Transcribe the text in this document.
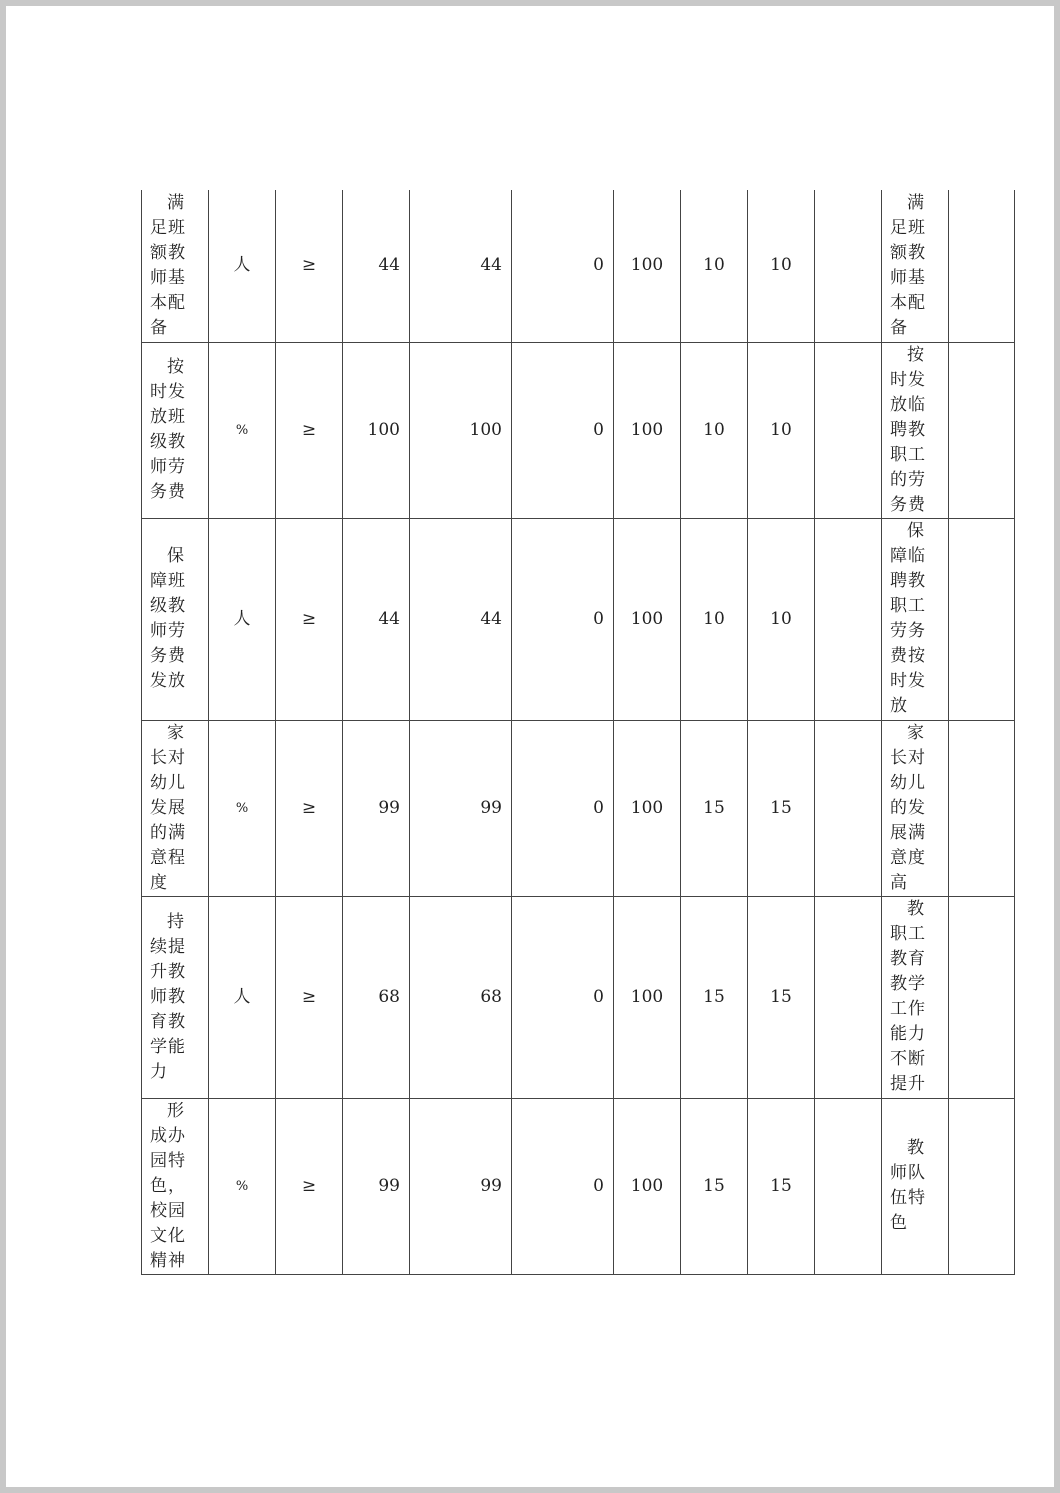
满足班额教师基本配备	人	≥	44	44	0	100	10	10		满足班额教师基本配备	
按时发放班级教师劳务费	%	≥	100	100	0	100	10	10		按时发放临聘教职工的劳务费	
保障班级教师劳务费发放	人	≥	44	44	0	100	10	10		保障临聘教职工劳务费按时发放	
家长对幼儿发展的满意程度	%	≥	99	99	0	100	15	15		家长对幼儿的发展满意度高	
持续提升教师教育教学能力	人	≥	68	68	0	100	15	15		教职工教育教学工作能力不断提升	
形成办园特色，校园文化精神	%	≥	99	99	0	100	15	15		教师队伍特色	
